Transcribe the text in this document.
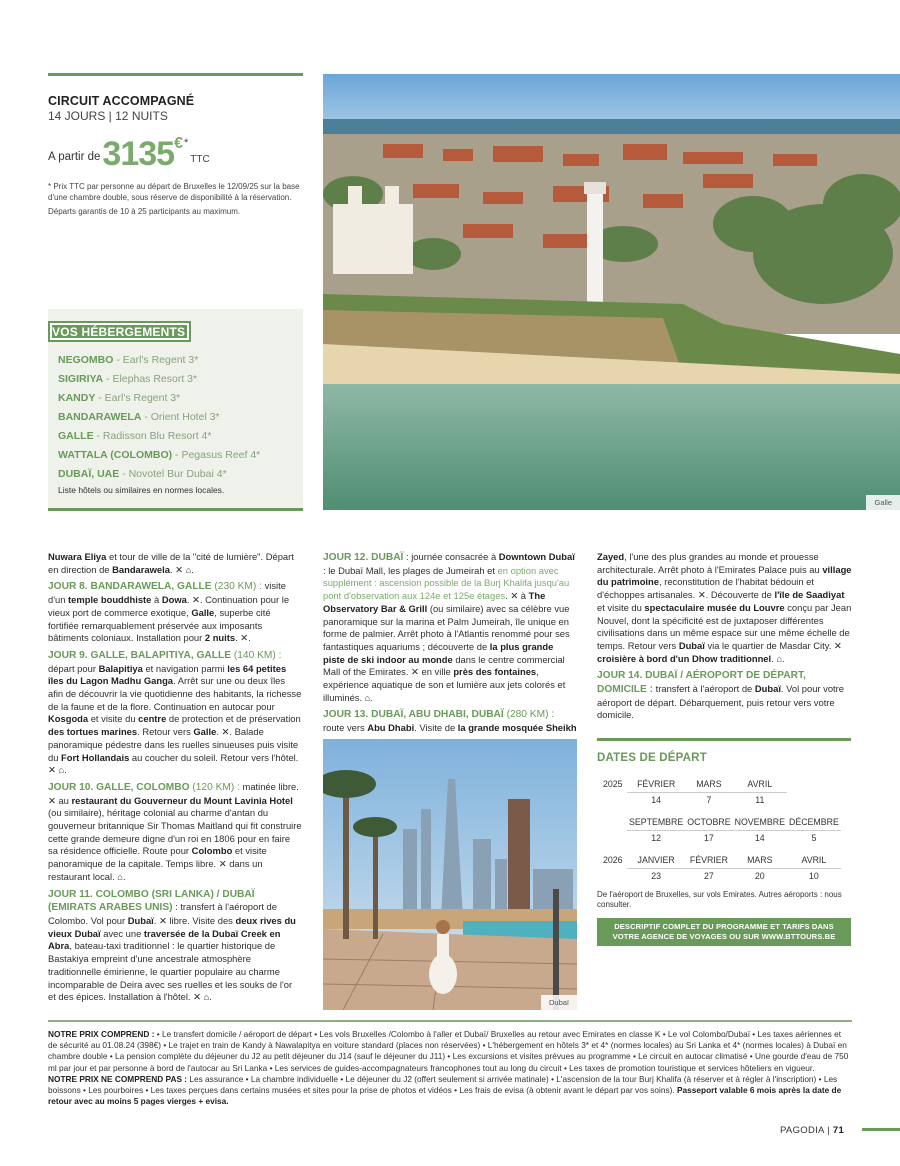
CIRCUIT ACCOMPAGNÉ
14 JOURS | 12 NUITS
A partir de 3135 € *
TTC
* Prix TTC par personne au départ de Bruxelles le 12/09/25 sur la base d'une chambre double, sous réserve de disponibilité à la réservation.
Départs garantis de 10 à 25 participants au maximum.
VOS HÉBERGEMENTS
NEGOMBO - Earl's Regent 3*
SIGIRIYA - Elephas Resort 3*
KANDY - Earl's Regent 3*
BANDARAWELA - Orient Hotel 3*
GALLE - Radisson Blu Resort 4*
WATTALA (COLOMBO) - Pegasus Reef 4*
DUBAÏ, UAE - Novotel Bur Dubai 4*
Liste hôtels ou similaires en normes locales.
Galle

Nuwara Eliya et tour de ville de la "cité de lumière". Départ en direction de Bandarawela. ✕ ⌂.

JOUR 8. BANDARAWELA, GALLE (230 KM) : visite d'un temple bouddhiste à Dowa. ✕. Continuation pour le vieux port de commerce exotique, Galle, superbe cité fortifiée remarquablement préservée aux imposants bâtiments coloniaux. Installation pour 2 nuits. ✕.

JOUR 9. GALLE, BALAPITIYA, GALLE (140 KM) : départ pour Balapitiya et navigation parmi les 64 petites îles du Lagon Madhu Ganga. Arrêt sur une ou deux îles afin de découvrir la vie quotidienne des habitants, la richesse de la faune et de la flore. Continuation en autocar pour Kosgoda et visite du centre de protection et de préservation des tortues marines. Retour vers Galle. ✕. Balade panoramique pédestre dans les ruelles sinueuses puis visite du Fort Hollandais au coucher du soleil. Retour vers l'hôtel. ✕ ⌂.

JOUR 10. GALLE, COLOMBO (120 KM) : matinée libre. ✕ au restaurant du Gouverneur du Mount Lavinia Hotel (ou similaire), héritage colonial au charme d'antan du gouverneur britannique Sir Thomas Maitland qui fit construire cette grande demeure digne d'un roi en 1806 pour en faire sa résidence officielle. Route pour Colombo et visite panoramique de la capitale. Temps libre. ✕ dans un restaurant local. ⌂.

JOUR 11. COLOMBO (SRI LANKA) / DUBAÏ (EMIRATS ARABES UNIS) : transfert à l'aéroport de Colombo. Vol pour Dubaï. ✕ libre. Visite des deux rives du vieux Dubaï avec une traversée de la Dubaï Creek en Abra, bateau-taxi traditionnel : le quartier historique de Bastakiya empreint d'une ancestrale atmosphère traditionnelle émirienne, le quartier populaire au charme incomparable de Deira avec ses ruelles et les souks de l'or et des épices. Installation à l'hôtel. ✕ ⌂.

JOUR 12. DUBAÏ : journée consacrée à Downtown Dubaï : le Dubaï Mall, les plages de Jumeirah et en option avec supplément : ascension possible de la Burj Khalifa jusqu'au pont d'observation aux 124e et 125e étages. ✕ à The Observatory Bar & Grill (ou similaire) avec sa célèbre vue panoramique sur la marina et Palm Jumeirah, île unique en forme de palmier. Arrêt photo à l'Atlantis renommé pour ses fantastiques aquariums ; découverte de la plus grande piste de ski indoor au monde dans le centre commercial Mall of the Emirates. ✕ en ville près des fontaines, expérience aquatique de son et lumière aux jets colorés et illuminés. ⌂.

JOUR 13. DUBAÏ, ABU DHABI, DUBAÏ (280 KM) : route vers Abu Dhabi. Visite de la grande mosquée Sheikh

Dubaï

Zayed, l'une des plus grandes au monde et prouesse architecturale. Arrêt photo à l'Emirates Palace puis au village du patrimoine, reconstitution de l'habitat bédouin et d'échoppes artisanales. ✕. Découverte de l'île de Saadiyat et visite du spectaculaire musée du Louvre conçu par Jean Nouvel, dont la spécificité est de juxtaposer différentes civilisations dans un même espace sur une même échelle de temps. Retour vers Dubaï via le quartier de Masdar City. ✕ croisière à bord d'un Dhow traditionnel. ⌂.

JOUR 14. DUBAÏ / AÉROPORT DE DÉPART, DOMICILE : transfert à l'aéroport de Dubaï. Vol pour votre aéroport de départ. Débarquement, puis retour vers votre domicile.

DATES DE DÉPART
2025	FÉVRIER	MARS	AVRIL	
	14	7	11	

	SEPTEMBRE	OCTOBRE	NOVEMBRE	DÉCEMBRE
	12	17	14	5

2026	JANVIER	FÉVRIER	MARS	AVRIL
	23	27	20	10
De l'aéroport de Bruxelles, sur vols Emirates. Autres aéroports : nous consulter.
DESCRIPTIF COMPLET DU PROGRAMME ET TARIFS DANS VOTRE AGENCE DE VOYAGES OU SUR WWW.BTTOURS.BE
NOTRE PRIX COMPREND : • Le transfert domicile / aéroport de départ • Les vols Bruxelles /Colombo à l'aller et Dubaï/ Bruxelles au retour avec Emirates en classe K • Le vol Colombo/Dubaï • Les taxes aériennes et de sécurité au 01.08.24 (398€) • Le trajet en train de Kandy à Nawalapitya en voiture standard (places non réservées) • L'hébergement en hôtels 3* et 4* (normes locales) au Sri Lanka et 4* (normes locales) à Dubaï en chambre double • La pension complète du déjeuner du J2 au petit déjeuner du J14 (sauf le déjeuner du J11) • Les excursions et visites prévues au programme • Le circuit en autocar climatisé • Une gourde d'eau de 750 ml par jour et par personne à bord de l'autocar au Sri Lanka • Les services de guides-accompagnateurs francophones tout au long du circuit • Les taxes de promotion touristique et services hôteliers en vigueur.
NOTRE PRIX NE COMPREND PAS : Les assurance • La chambre individuelle • Le déjeuner du J2 (offert seulement si arrivée matinale) • L'ascension de la tour Burj Khalifa (à réserver et à régler à l'inscription) • Les boissons • Les pourboires • Les taxes perçues dans certains musées et sites pour la prise de photos et vidéos • Les frais de evisa (à obtenir avant le départ par vos soins). Passeport valable 6 mois après la date de retour avec au moins 5 pages vierges + evisa.
PAGODIA | 71
